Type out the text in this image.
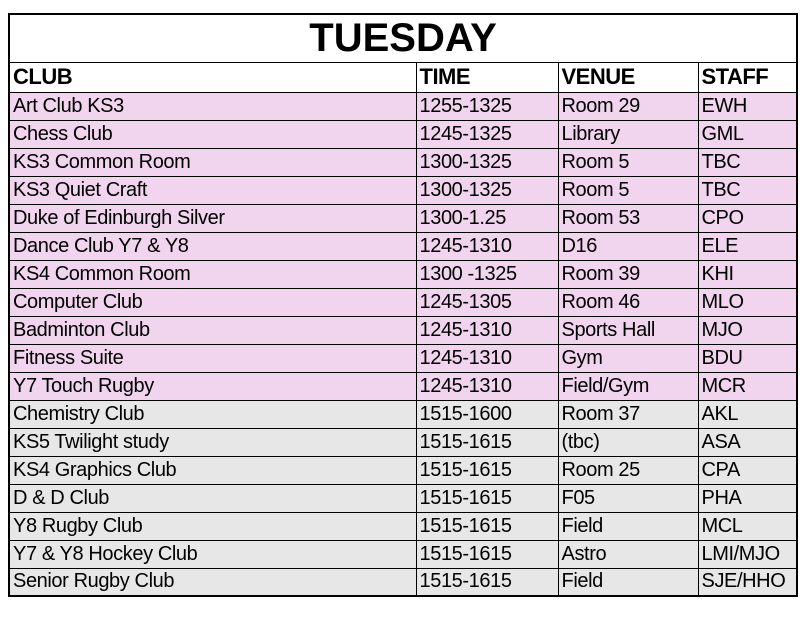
TUESDAY			
CLUB	TIME	VENUE	STAFF
Art Club KS3	1255-1325	Room 29	EWH
Chess Club	1245-1325	Library	GML
KS3 Common Room	1300-1325	Room 5	TBC
KS3 Quiet Craft	1300-1325	Room 5	TBC
Duke of Edinburgh Silver	1300-1.25	Room 53	CPO
Dance Club Y7 & Y8	1245-1310	D16	ELE
KS4 Common Room	1300 -1325	Room 39	KHI
Computer Club	1245-1305	Room 46	MLO
Badminton Club	1245-1310	Sports Hall	MJO
Fitness Suite	1245-1310	Gym	BDU
Y7 Touch Rugby	1245-1310	Field/Gym	MCR
Chemistry Club	1515-1600	Room 37	AKL
KS5 Twilight study	1515-1615	(tbc)	ASA
KS4 Graphics Club	1515-1615	Room 25	CPA
D & D Club	1515-1615	F05	PHA
Y8 Rugby Club	1515-1615	Field	MCL
Y7 & Y8 Hockey Club	1515-1615	Astro	LMI/MJO
Senior Rugby Club	1515-1615	Field	SJE/HHO
